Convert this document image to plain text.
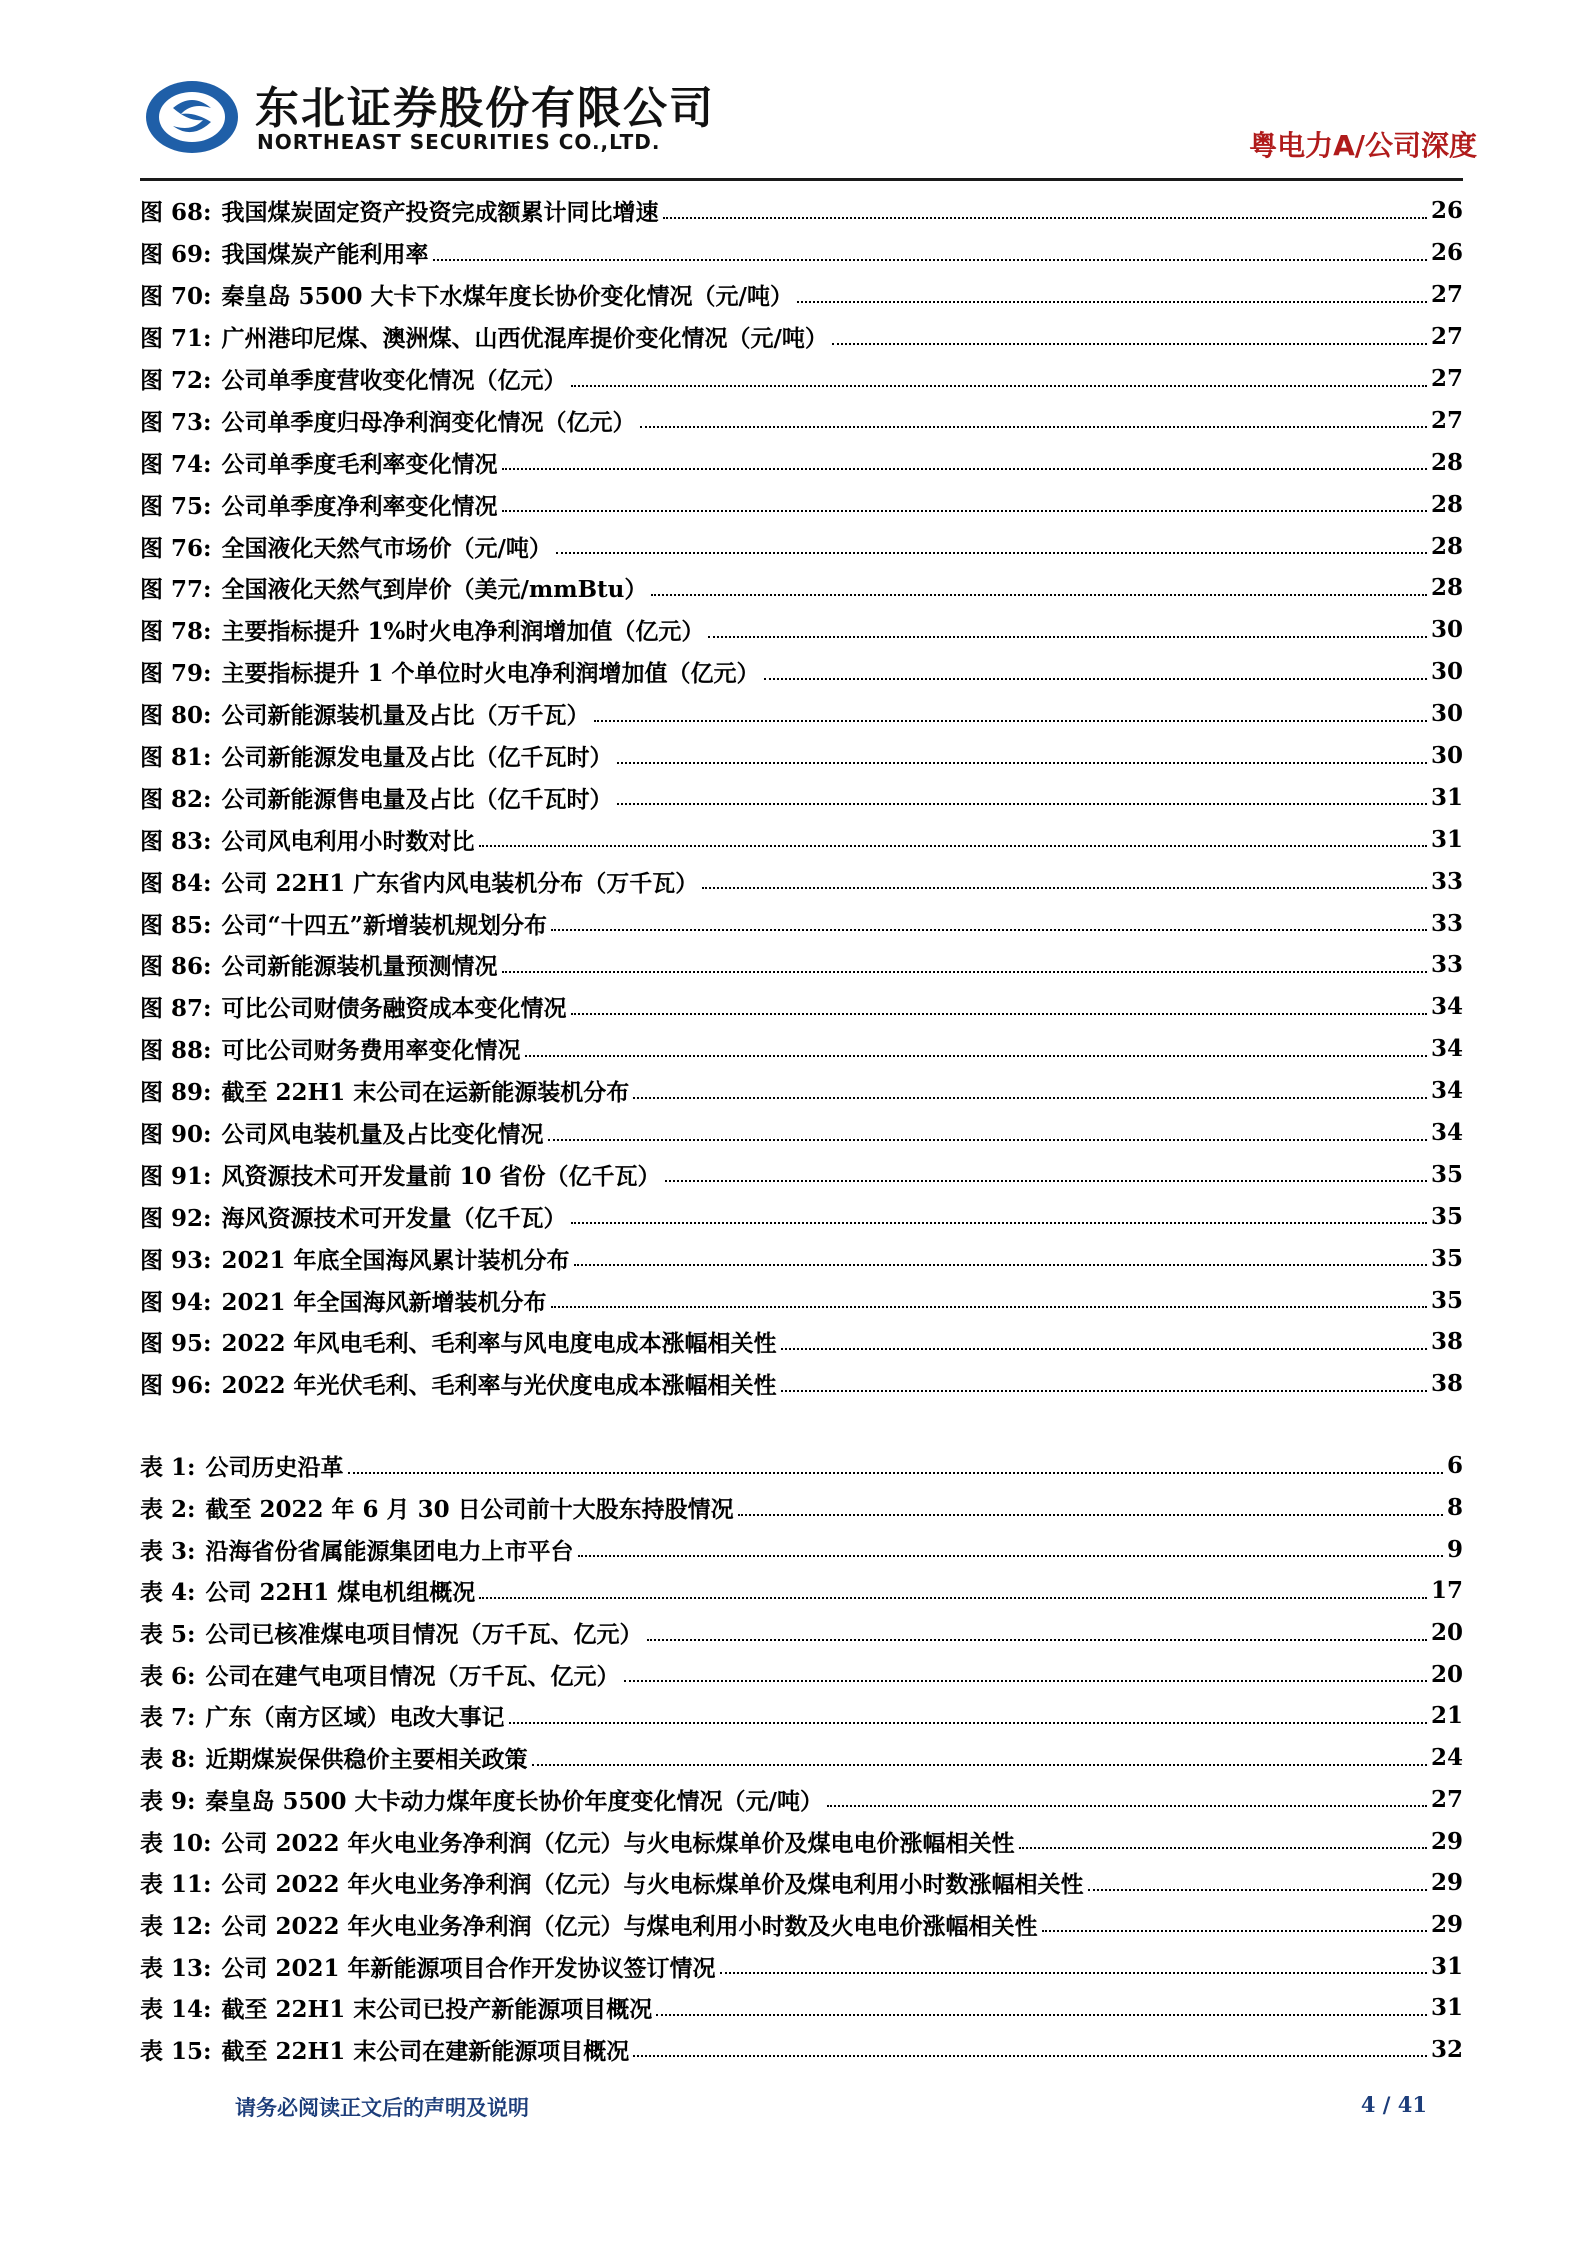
东北证券股份有限公司
NORTHEAST SECURITIES CO.,LTD.	粤电力A/公司深度
图 68: 我国煤炭固定资产投资完成额累计同比增速	26
图 69: 我国煤炭产能利用率	26
图 70: 秦皇岛 5500 大卡下水煤年度长协价变化情况（元/吨）	27
图 71: 广州港印尼煤、澳洲煤、山西优混库提价变化情况（元/吨）	27
图 72: 公司单季度营收变化情况（亿元）	27
图 73: 公司单季度归母净利润变化情况（亿元）	27
图 74: 公司单季度毛利率变化情况	28
图 75: 公司单季度净利率变化情况	28
图 76: 全国液化天然气市场价（元/吨）	28
图 77: 全国液化天然气到岸价（美元/mmBtu）	28
图 78: 主要指标提升 1%时火电净利润增加值（亿元）	30
图 79: 主要指标提升 1 个单位时火电净利润增加值（亿元）	30
图 80: 公司新能源装机量及占比（万千瓦）	30
图 81: 公司新能源发电量及占比（亿千瓦时）	30
图 82: 公司新能源售电量及占比（亿千瓦时）	31
图 83: 公司风电利用小时数对比	31
图 84: 公司 22H1 广东省内风电装机分布（万千瓦）	33
图 85: 公司“十四五”新增装机规划分布	33
图 86: 公司新能源装机量预测情况	33
图 87: 可比公司财债务融资成本变化情况	34
图 88: 可比公司财务费用率变化情况	34
图 89: 截至 22H1 末公司在运新能源装机分布	34
图 90: 公司风电装机量及占比变化情况	34
图 91: 风资源技术可开发量前 10 省份（亿千瓦）	35
图 92: 海风资源技术可开发量（亿千瓦）	35
图 93: 2021 年底全国海风累计装机分布	35
图 94: 2021 年全国海风新增装机分布	35
图 95: 2022 年风电毛利、毛利率与风电度电成本涨幅相关性	38
图 96: 2022 年光伏毛利、毛利率与光伏度电成本涨幅相关性	38
表 1: 公司历史沿革	6
表 2: 截至 2022 年 6 月 30 日公司前十大股东持股情况	8
表 3: 沿海省份省属能源集团电力上市平台	9
表 4: 公司 22H1 煤电机组概况	17
表 5: 公司已核准煤电项目情况（万千瓦、亿元）	20
表 6: 公司在建气电项目情况（万千瓦、亿元）	20
表 7: 广东（南方区域）电改大事记	21
表 8: 近期煤炭保供稳价主要相关政策	24
表 9: 秦皇岛 5500 大卡动力煤年度长协价年度变化情况（元/吨）	27
表 10: 公司 2022 年火电业务净利润（亿元）与火电标煤单价及煤电电价涨幅相关性	29
表 11: 公司 2022 年火电业务净利润（亿元）与火电标煤单价及煤电利用小时数涨幅相关性	29
表 12: 公司 2022 年火电业务净利润（亿元）与煤电利用小时数及火电电价涨幅相关性	29
表 13: 公司 2021 年新能源项目合作开发协议签订情况	31
表 14: 截至 22H1 末公司已投产新能源项目概况	31
表 15: 截至 22H1 末公司在建新能源项目概况	32
请务必阅读正文后的声明及说明	4 / 41
